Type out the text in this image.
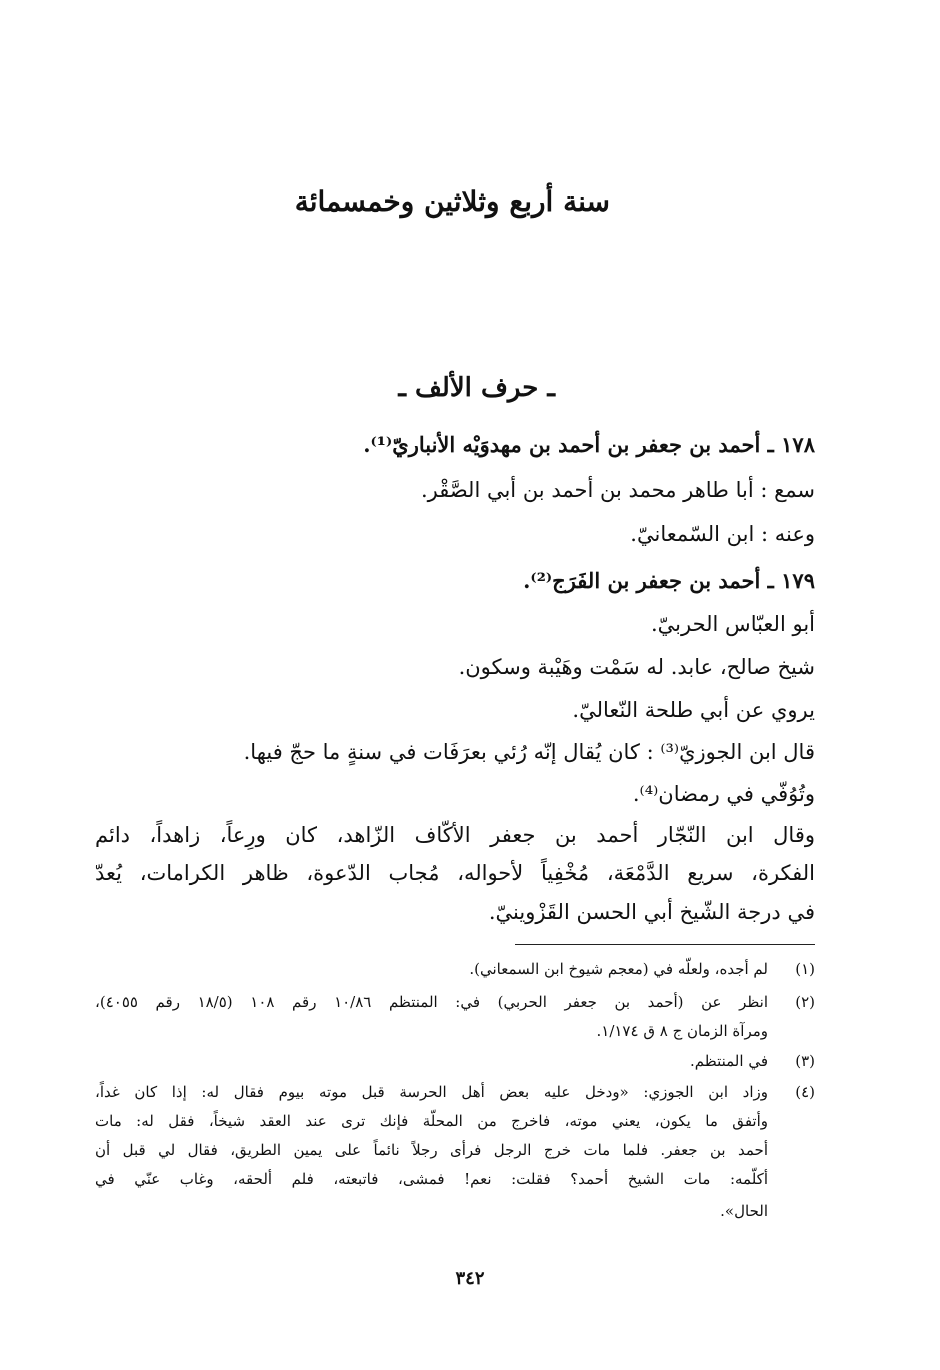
سنة أربع وثلاثين وخمسمائة
ـ حرف الألف ـ
١٧٨ ـ أحمد بن جعفر بن أحمد بن مهدوَيْه الأنباريّ⁽¹⁾.
سمع : أبا طاهر محمد بن أحمد بن أبي الصَّقْر.
وعنه : ابن السّمعانيّ.
١٧٩ ـ أحمد بن جعفر بن الفَرَج⁽²⁾.
أبو العبّاس الحربيّ.
شيخ صالح، عابد. له سَمْت وهَيْبة وسكون.
يروي عن أبي طلحة النّعاليّ.
قال ابن الجوزيّ⁽³⁾ : كان يُقال إنّه رُئي بعرَفَات في سنةٍ ما حجّ فيها.
وتُوُفّي في رمضان⁽⁴⁾.
وقال ابن النّجّار أحمد بن جعفر الأكّاف الزّاهد، كان ورِعاً، زاهداً، دائم
الفكرة، سريع الدَّمْعَة، مُخْفِياً لأحواله، مُجاب الدّعوة، ظاهر الكرامات، يُعدّ
في درجة الشّيخ أبي الحسن القَزْوينيّ.
(١)
لم أجده، ولعلّه في (معجم شيوخ ابن السمعاني).
(٢)
انظر عن (أحمد بن جعفر الحربي) في: المنتظم ١٠/٨٦ رقم ١٠٨ (١٨/٥ رقم ٤٠٥٥)،
ومرآة الزمان ج ٨ ق ١/١٧٤.
(٣)
في المنتظم.
(٤)
وزاد ابن الجوزي: «ودخل عليه بعض أهل الحرسة قبل موته بيوم فقال له: إذا كان غداً،
وأتفق ما يكون، يعني موته، فاخرج من المحلّة فإنك ترى عند العقد شيخاً، فقل له: مات
أحمد بن جعفر. فلما مات خرج الرجل فرأى رجلاً نائماً على يمين الطريق، فقال لي قبل أن
أكلّمه: مات الشيخ أحمد؟ فقلت: نعم! فمشى، فاتبعته، فلم ألحقه، وغاب عنّي في
الحال».
٣٤٢
